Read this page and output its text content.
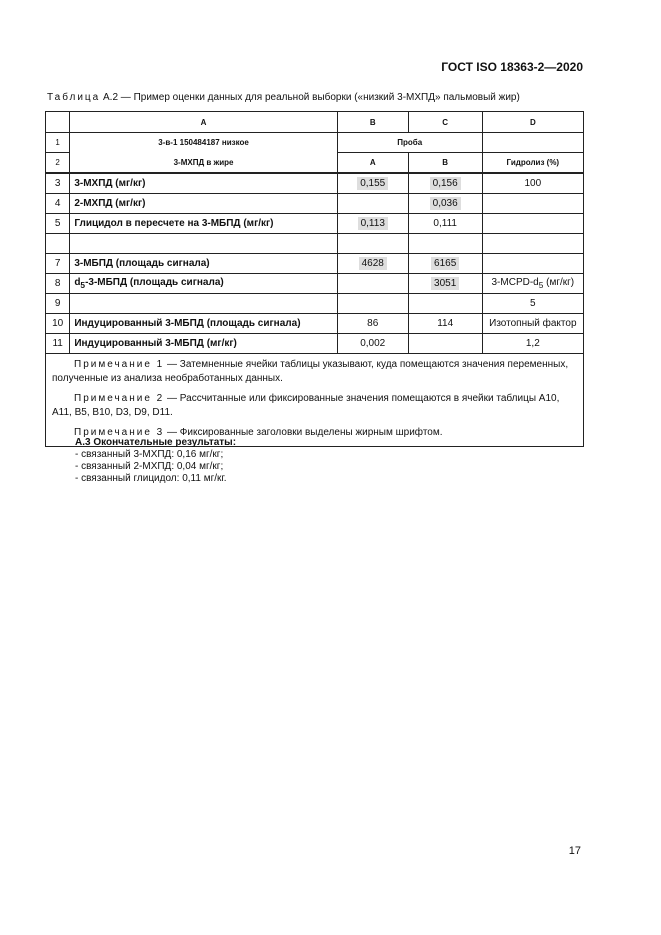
ГОСТ ISO 18363-2—2020
Таблица А.2 — Пример оценки данных для реальной выборки («низкий 3-МХПД» пальмовый жир)
	A	B	C	D
1	3-в-1 150484187 низкое	Проба		
2	3-МХПД в жире	A	B	Гидролиз (%)
3	3-МХПД (мг/кг)	0,155	0,156	100
4	2-МХПД (мг/кг)		0,036	
5	Глицидол в пересчете на 3-МБПД (мг/кг)	0,113	0,111	

7	3-МБПД (площадь сигнала)	4628	6165	
8	$d_5-3$-МБПД (площадь сигнала)		3051	$3-MCPD-d_5$ (мг/кг)
9				5
10	Индуцированный 3-МБПД (площадь сигнала)	86	114	Изотопный фактор
11	Индуцированный 3-МБПД (мг/кг)	0,002		1,2

Примечание 1 — Затемненные ячейки таблицы указывают, куда помещаются значения переменных, полученные из анализа необработанных данных.

Примечание 2 — Рассчитанные или фиксированные значения помещаются в ячейки таблицы A10, A11, B5, B10, D3, D9, D11.

Примечание 3 — Фиксированные заголовки выделены жирным шрифтом.				

А.3 Окончательные результаты:
- связанный 3-МХПД: 0,16 мг/кг;
- связанный 2-МХПД: 0,04 мг/кг;
- связанный глицидол: 0,11 мг/кг.
17
